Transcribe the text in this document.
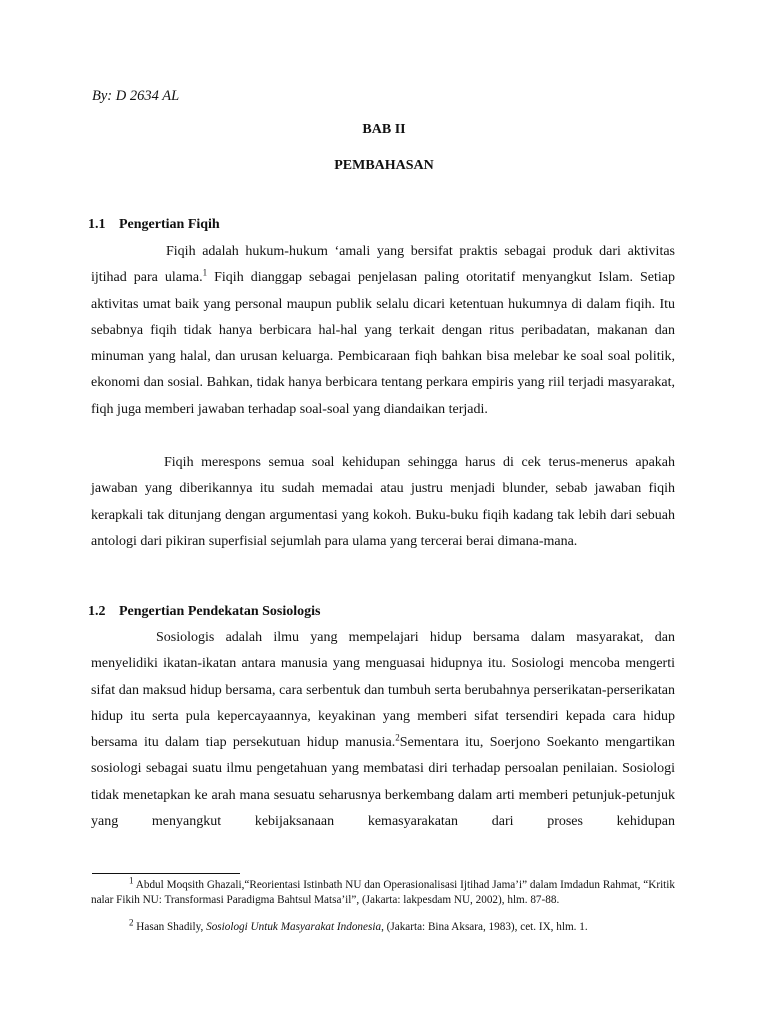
By: D 2634 AL
BAB II
PEMBAHASAN
1.1 Pengertian Fiqih

Fiqih adalah hukum-hukum ‘amali yang bersifat praktis sebagai produk dari aktivitas ijtihad para ulama.$^1$ Fiqih dianggap sebagai penjelasan paling otoritatif menyangkut Islam. Setiap aktivitas umat baik yang personal maupun publik selalu dicari ketentuan hukumnya di dalam fiqih. Itu sebabnya fiqih tidak hanya berbicara hal-hal yang terkait dengan ritus peribadatan, makanan dan minuman yang halal, dan urusan keluarga. Pembicaraan fiqh bahkan bisa melebar ke soal soal politik, ekonomi dan sosial. Bahkan, tidak hanya berbicara tentang perkara empiris yang riil terjadi masyarakat, fiqh juga memberi jawaban terhadap soal-soal yang diandaikan terjadi.

Fiqih merespons semua soal kehidupan sehingga harus di cek terus-menerus apakah jawaban yang diberikannya itu sudah memadai atau justru menjadi blunder, sebab jawaban fiqih kerapkali tak ditunjang dengan argumentasi yang kokoh. Buku-buku fiqih kadang tak lebih dari sebuah antologi dari pikiran superfisial sejumlah para ulama yang tercerai berai dimana-mana.

1.2 Pengertian Pendekatan Sosiologis

Sosiologis adalah ilmu yang mempelajari hidup bersama dalam masyarakat, dan menyelidiki ikatan-ikatan antara manusia yang menguasai hidupnya itu. Sosiologi mencoba mengerti sifat dan maksud hidup bersama, cara serbentuk dan tumbuh serta berubahnya perserikatan-perserikatan hidup itu serta pula kepercayaannya, keyakinan yang memberi sifat tersendiri kepada cara hidup bersama itu dalam tiap persekutuan hidup manusia.$^2$Sementara itu, Soerjono Soekanto mengartikan sosiologi sebagai suatu ilmu pengetahuan yang membatasi diri terhadap persoalan penilaian. Sosiologi tidak menetapkan ke arah mana sesuatu seharusnya berkembang dalam arti memberi petunjuk-petunjuk yang menyangkut kebijaksanaan kemasyarakatan dari proses kehidupan

$^1$ Abdul Moqsith Ghazali,“Reorientasi Istinbath NU dan Operasionalisasi Ijtihad Jama’i” dalam Imdadun Rahmat, “Kritik nalar Fikih NU: Transformasi Paradigma Bahtsul Matsa’il”, (Jakarta: lakpesdam NU, 2002), hlm. 87-88.

$^2$ Hasan Shadily, Sosiologi Untuk Masyarakat Indonesia, (Jakarta: Bina Aksara, 1983), cet. IX, hlm. 1.
